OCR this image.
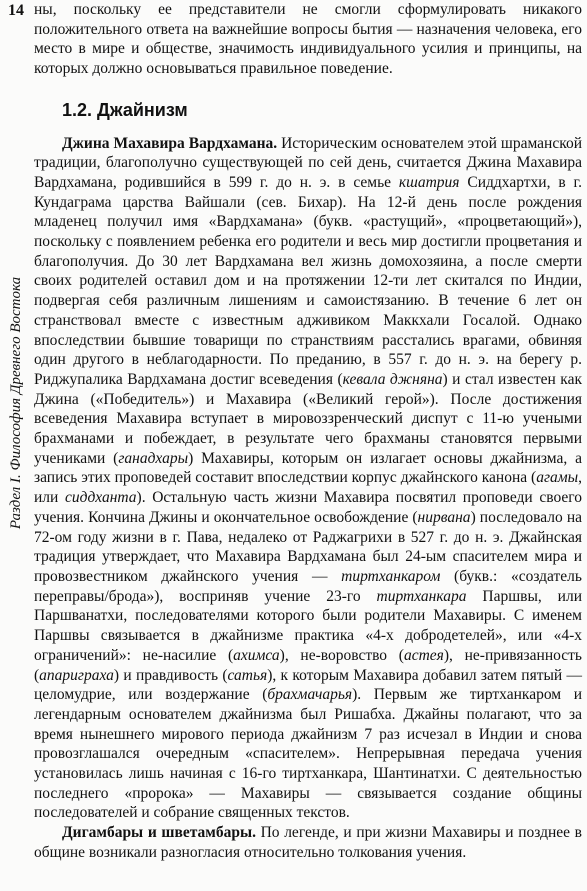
14
Раздел I. Философия Древнего Востока

ны, поскольку ее представители не смогли сформулировать никакого положительного ответа на важнейшие вопросы бытия — назначения человека, его место в мире и обществе, значимость индивидуального усилия и принципы, на которых должно основываться правильное поведение.

1.2. Джайнизм

Джина Махавира Вардхамана. Историческим основателем этой шраманской традиции, благополучно существующей по сей день, считается Джина Махавира Вардхамана, родившийся в 599 г. до н. э. в семье кшатрия Сиддхартхи, в г. Кундаграма царства Вайшали (сев. Бихар). На 12-й день после рождения младенец получил имя «Вардхамана» (букв. «растущий», «процветающий»), поскольку с появлением ребенка его родители и весь мир достигли процветания и благополучия. До 30 лет Вардхамана вел жизнь домохозяина, а после смерти своих родителей оставил дом и на протяжении 12-ти лет скитался по Индии, подвергая себя различным лишениям и самоистязанию. В течение 6 лет он странствовал вместе с известным адживиком Маккхали Госалой. Однако впоследствии бывшие товарищи по странствиям расстались врагами, обвиняя один другого в неблагодарности. По преданию, в 557 г. до н. э. на берегу р. Риджупалика Вардхамана достиг всеведения (кевала джняна) и стал известен как Джина («Победитель») и Махавира («Великий герой»). После достижения всеведения Махавира вступает в мировоззренческий диспут с 11-ю учеными брахманами и побеждает, в результате чего брахманы становятся первыми учениками (ганадхары) Махавиры, которым он излагает основы джайнизма, а запись этих проповедей составит впоследствии корпус джайнского канона (агамы, или сиддханта). Остальную часть жизни Махавира посвятил проповеди своего учения. Кончина Джины и окончательное освобождение (нирвана) последовало на 72-ом году жизни в г. Пава, недалеко от Раджагрихи в 527 г. до н. э. Джайнская традиция утверждает, что Махавира Вардхамана был 24-ым спасителем мира и провозвестником джайнского учения — тиртханкаром (букв.: «создатель переправы/брода»), восприняв учение 23-го тиртханкара Паршвы, или Паршванатхи, последователями которого были родители Махавиры. С именем Паршвы связывается в джайнизме практика «4-х добродетелей», или «4-х ограничений»: не-насилие (ахимса), не-воровство (астея), не-привязанность (апариграха) и правдивость (сатья), к которым Махавира добавил затем пятый — целомудрие, или воздержание (брахмачарья). Первым же тиртханкаром и легендарным основателем джайнизма был Ришабха. Джайны полагают, что за время нынешнего мирового периода джайнизм 7 раз исчезал в Индии и снова провозглашался очередным «спасителем». Непрерывная передача учения установилась лишь начиная с 16-го тиртханкара, Шантинатхи. С деятельностью последнего «пророка» — Махавиры — связывается создание общины последователей и собрание священных текстов.

Дигамбары и шветамбары. По легенде, и при жизни Махавиры и позднее в общине возникали разногласия относительно толкования учения.
